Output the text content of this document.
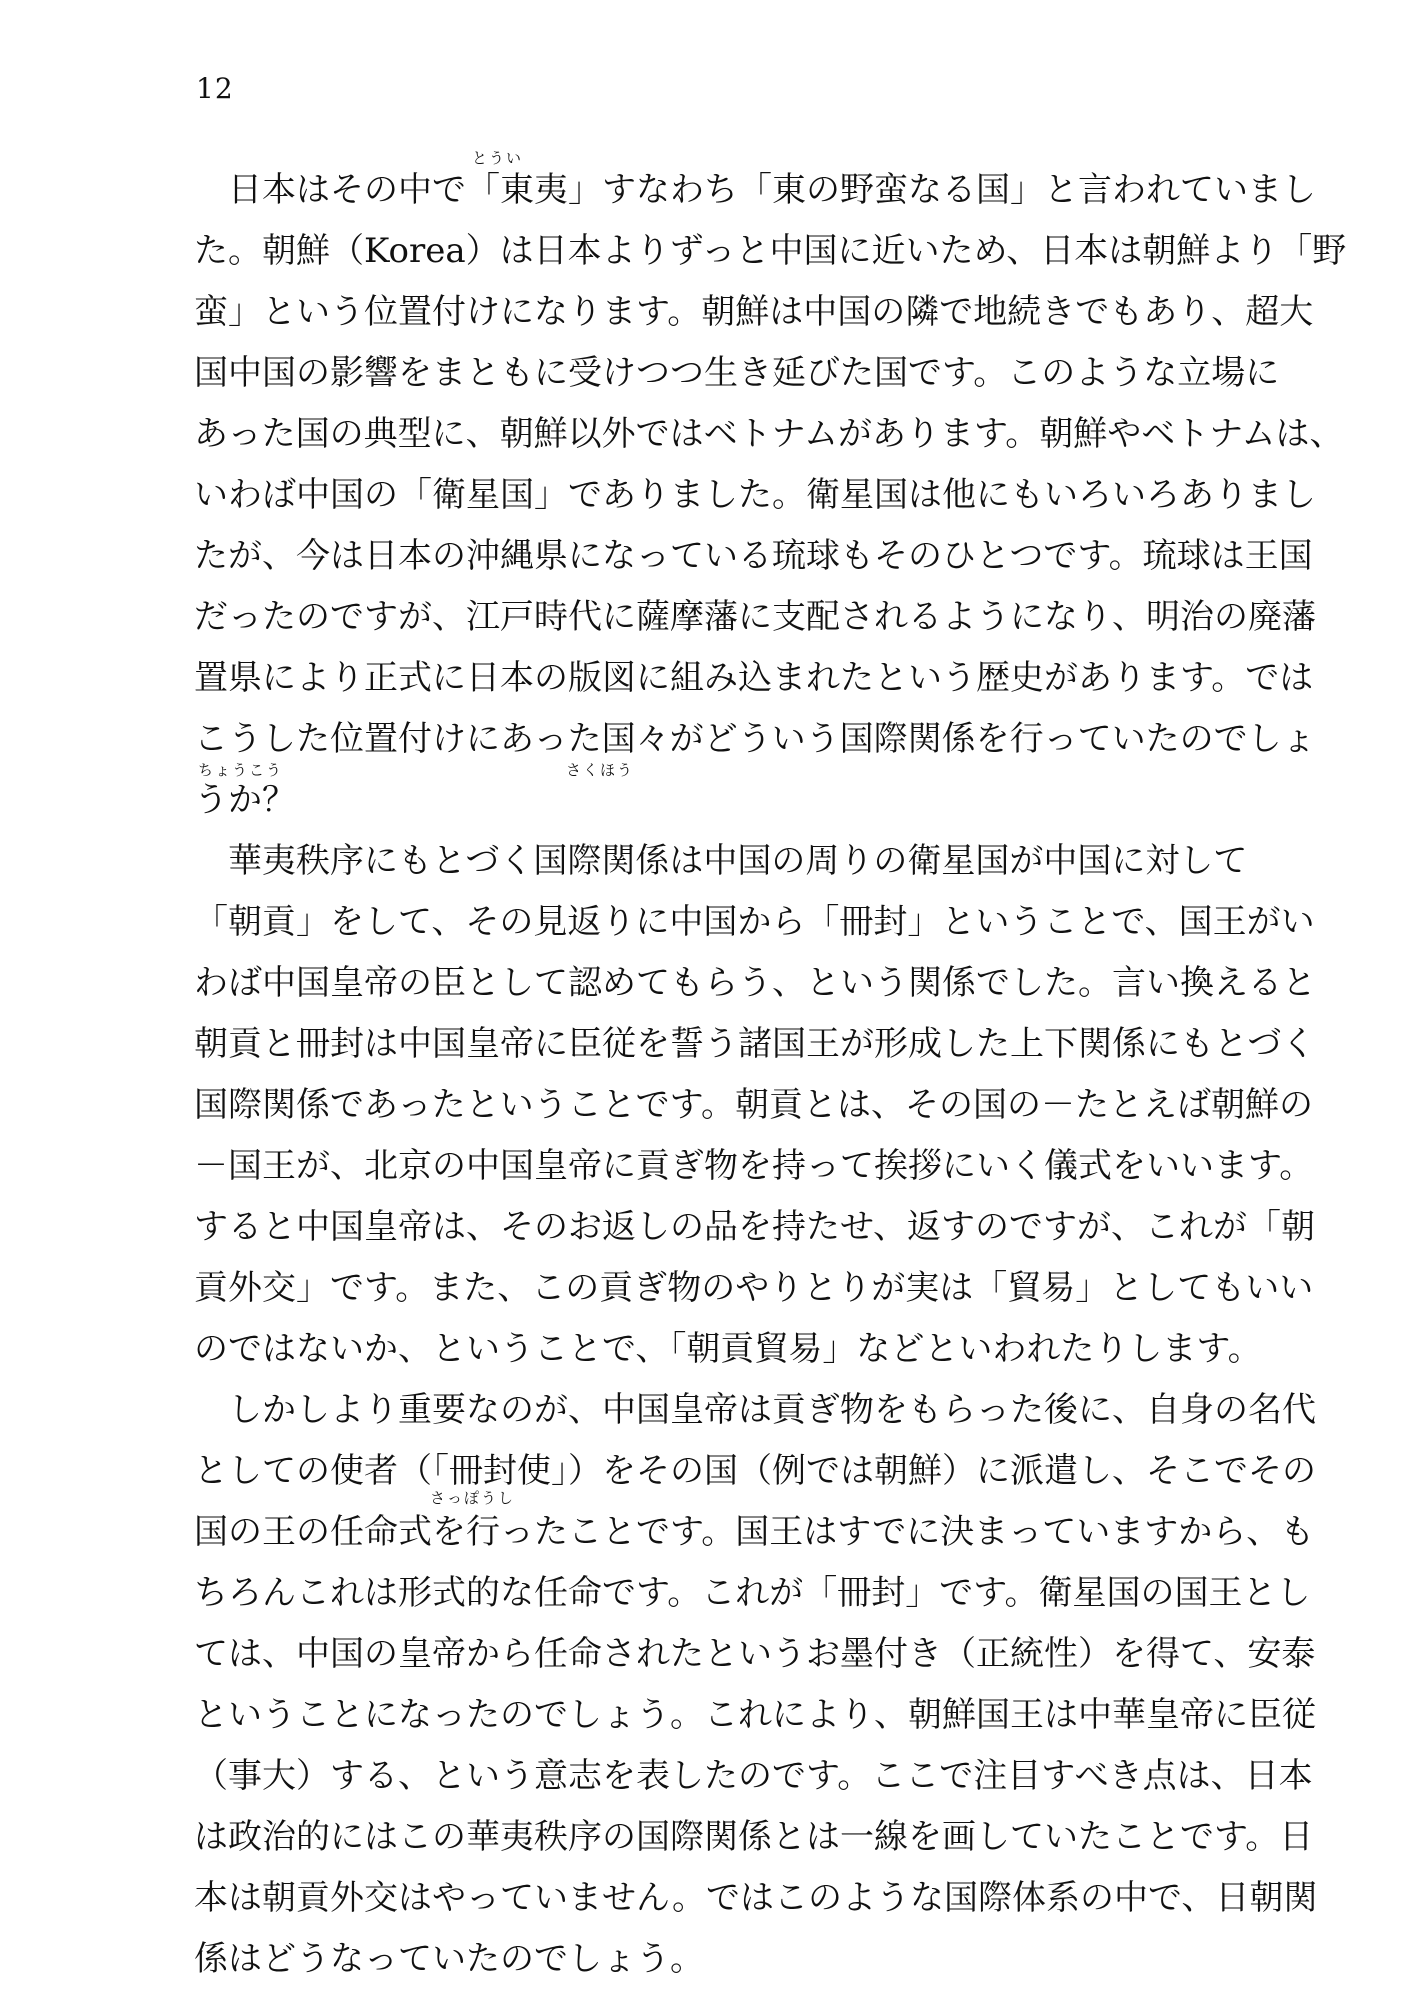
12
とうい
ちょうこう	さくほう
さっぽうし
日本はその中で「東夷」すなわち「東の野蛮なる国」と言われていまし
た。朝鮮（Korea）は日本よりずっと中国に近いため、日本は朝鮮より「野
蛮」という位置付けになります。朝鮮は中国の隣で地続きでもあり、超大
国中国の影響をまともに受けつつ生き延びた国です。このような立場に
あった国の典型に、朝鮮以外ではベトナムがあります。朝鮮やベトナムは、
いわば中国の「衛星国」でありました。衛星国は他にもいろいろありまし
たが、今は日本の沖縄県になっている琉球もそのひとつです。琉球は王国
だったのですが、江戸時代に薩摩藩に支配されるようになり、明治の廃藩
置県により正式に日本の版図に組み込まれたという歴史があります。では
こうした位置付けにあった国々がどういう国際関係を行っていたのでしょ
うか？
華夷秩序にもとづく国際関係は中国の周りの衛星国が中国に対して
「朝貢」をして、その見返りに中国から「冊封」ということで、国王がい
わば中国皇帝の臣として認めてもらう、という関係でした。言い換えると
朝貢と冊封は中国皇帝に臣従を誓う諸国王が形成した上下関係にもとづく
国際関係であったということです。朝貢とは、その国の－たとえば朝鮮の
－国王が、北京の中国皇帝に貢ぎ物を持って挨拶にいく儀式をいいます。
すると中国皇帝は、そのお返しの品を持たせ、返すのですが、これが「朝
貢外交」です。また、この貢ぎ物のやりとりが実は「貿易」としてもいい
のではないか、ということで、「朝貢貿易」などといわれたりします。
しかしより重要なのが、中国皇帝は貢ぎ物をもらった後に、自身の名代
としての使者（「冊封使」）をその国（例では朝鮮）に派遣し、そこでその
国の王の任命式を行ったことです。国王はすでに決まっていますから、も
ちろんこれは形式的な任命です。これが「冊封」です。衛星国の国王とし
ては、中国の皇帝から任命されたというお墨付き（正統性）を得て、安泰
ということになったのでしょう。これにより、朝鮮国王は中華皇帝に臣従
（事大）する、という意志を表したのです。ここで注目すべき点は、日本
は政治的にはこの華夷秩序の国際関係とは一線を画していたことです。日
本は朝貢外交はやっていません。ではこのような国際体系の中で、日朝関
係はどうなっていたのでしょう。
